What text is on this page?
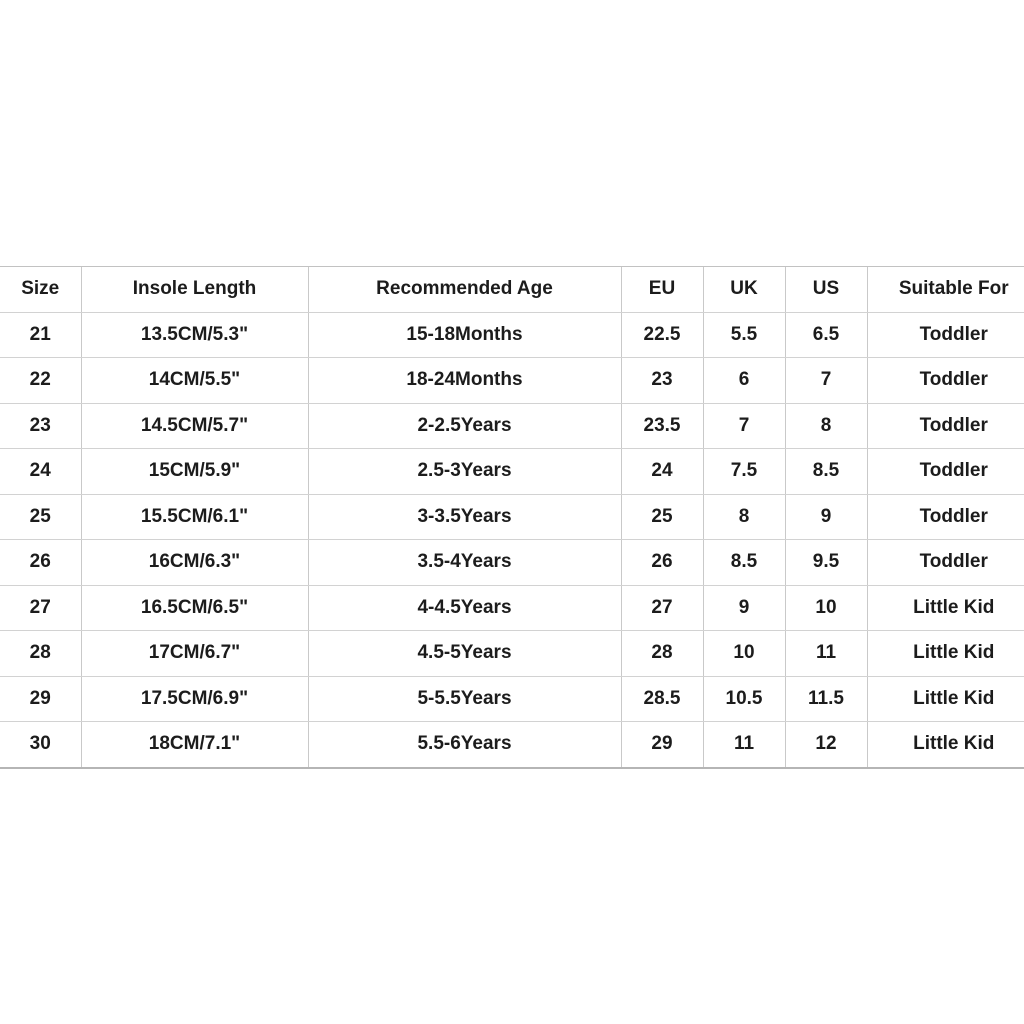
Size	Insole Length	Recommended Age	EU	UK	US	Suitable For
21	13.5CM/5.3"	15-18Months	22.5	5.5	6.5	Toddler
22	14CM/5.5"	18-24Months	23	6	7	Toddler
23	14.5CM/5.7"	2-2.5Years	23.5	7	8	Toddler
24	15CM/5.9"	2.5-3Years	24	7.5	8.5	Toddler
25	15.5CM/6.1"	3-3.5Years	25	8	9	Toddler
26	16CM/6.3"	3.5-4Years	26	8.5	9.5	Toddler
27	16.5CM/6.5"	4-4.5Years	27	9	10	Little Kid
28	17CM/6.7"	4.5-5Years	28	10	11	Little Kid
29	17.5CM/6.9"	5-5.5Years	28.5	10.5	11.5	Little Kid
30	18CM/7.1"	5.5-6Years	29	11	12	Little Kid
